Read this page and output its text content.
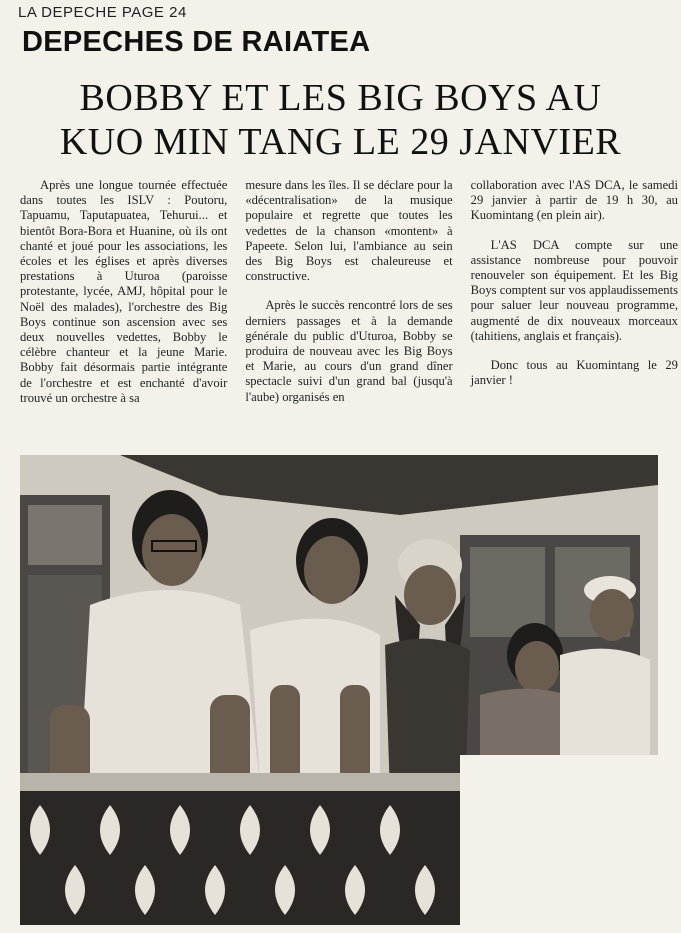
LA DEPECHE PAGE 24
DEPECHES DE RAIATEA
BOBBY ET LES BIG BOYS AU
KUO MIN TANG LE 29 JANVIER

Après une longue tournée effectuée dans toutes les ISLV : Poutoru, Tapuamu, Taputapuatea, Tehurui... et bientôt Bora-Bora et Huanine, où ils ont chanté et joué pour les associations, les écoles et les églises et après diverses prestations à Uturoa (paroisse protestante, lycée, AMJ, hôpital pour le Noël des malades), l'orchestre des Big Boys continue son ascension avec ses deux nouvelles vedettes, Bobby le célèbre chanteur et la jeune Marie. Bobby fait désormais partie intégrante de l'orchestre et est enchanté d'avoir trouvé un orchestre à sa

mesure dans les îles. Il se déclare pour la «décentralisation» de la musique populaire et regrette que toutes les vedettes de la chanson «montent» à Papeete. Selon lui, l'ambiance au sein des Big Boys est chaleureuse et constructive.

Après le succès rencontré lors de ses derniers passages et à la demande générale du public d'Uturoa, Bobby se produira de nouveau avec les Big Boys et Marie, au cours d'un grand dîner spectacle suivi d'un grand bal (jusqu'à l'aube) organisés en

collaboration avec l'AS DCA, le samedi 29 janvier à partir de 19 h 30, au Kuomintang (en plein air).

L'AS DCA compte sur une assistance nombreuse pour pouvoir renouveler son équipement. Et les Big Boys comptent sur vos applaudissements pour saluer leur nouveau programme, augmenté de dix nouveaux morceaux (tahitiens, anglais et français).

Donc tous au Kuomintang le 29 janvier !
